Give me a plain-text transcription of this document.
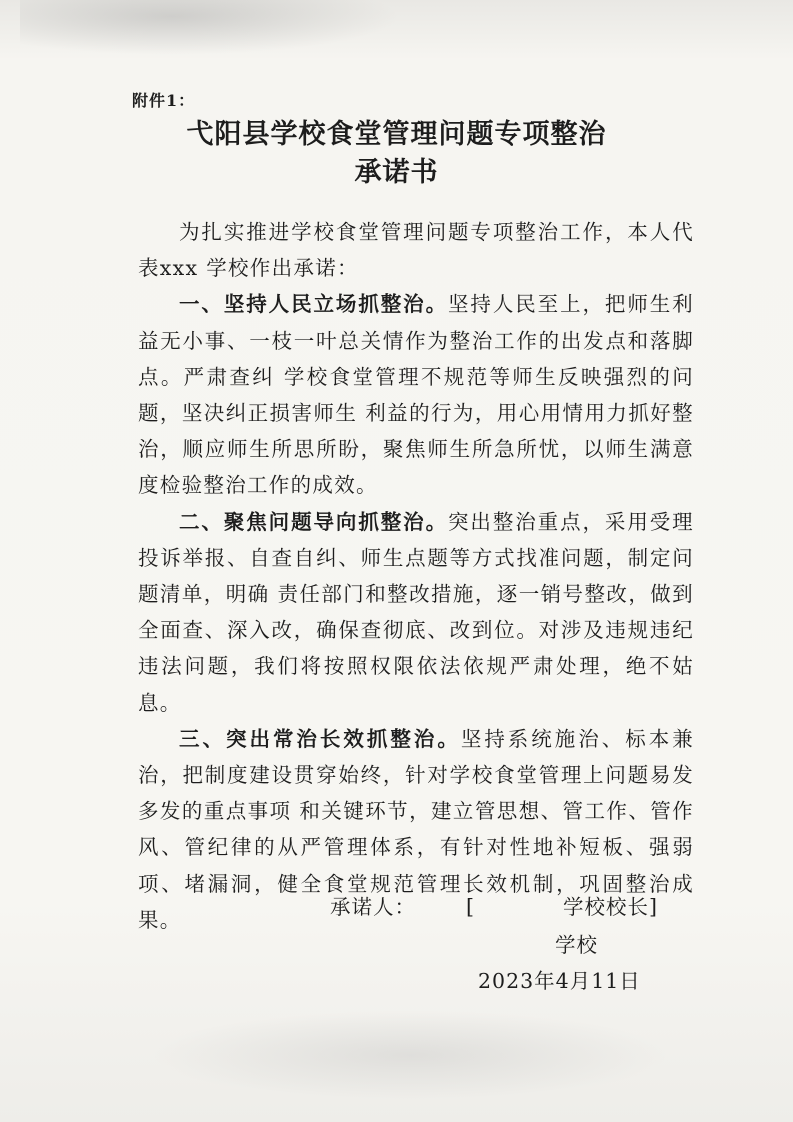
附件1：
弋阳县学校食堂管理问题专项整治
承诺书

为扎实推进学校食堂管理问题专项整治工作，本人代表xxx 学校作出承诺：

一、坚持人民立场抓整治。坚持人民至上，把师生利益无小事、一枝一叶总关情作为整治工作的出发点和落脚点。严肃查纠 学校食堂管理不规范等师生反映强烈的问题，坚决纠正损害师生 利益的行为，用心用情用力抓好整治，顺应师生所思所盼，聚焦师生所急所忧，以师生满意度检验整治工作的成效。

二、聚焦问题导向抓整治。突出整治重点，采用受理投诉举报、自查自纠、师生点题等方式找准问题，制定问题清单，明确 责任部门和整改措施，逐一销号整改，做到全面查、深入改，确保查彻底、改到位。对涉及违规违纪违法问题，我们将按照权限依法依规严肃处理，绝不姑息。

三、突出常治长效抓整治。坚持系统施治、标本兼治，把制度建设贯穿始终，针对学校食堂管理上问题易发多发的重点事项 和关键环节，建立管思想、管工作、管作风、管纪律的从严管理体系，有针对性地补短板、强弱项、堵漏洞，健全食堂规范管理长效机制，巩固整治成果。

承诺人： [	学校校长]
学校
2023年4月11日
